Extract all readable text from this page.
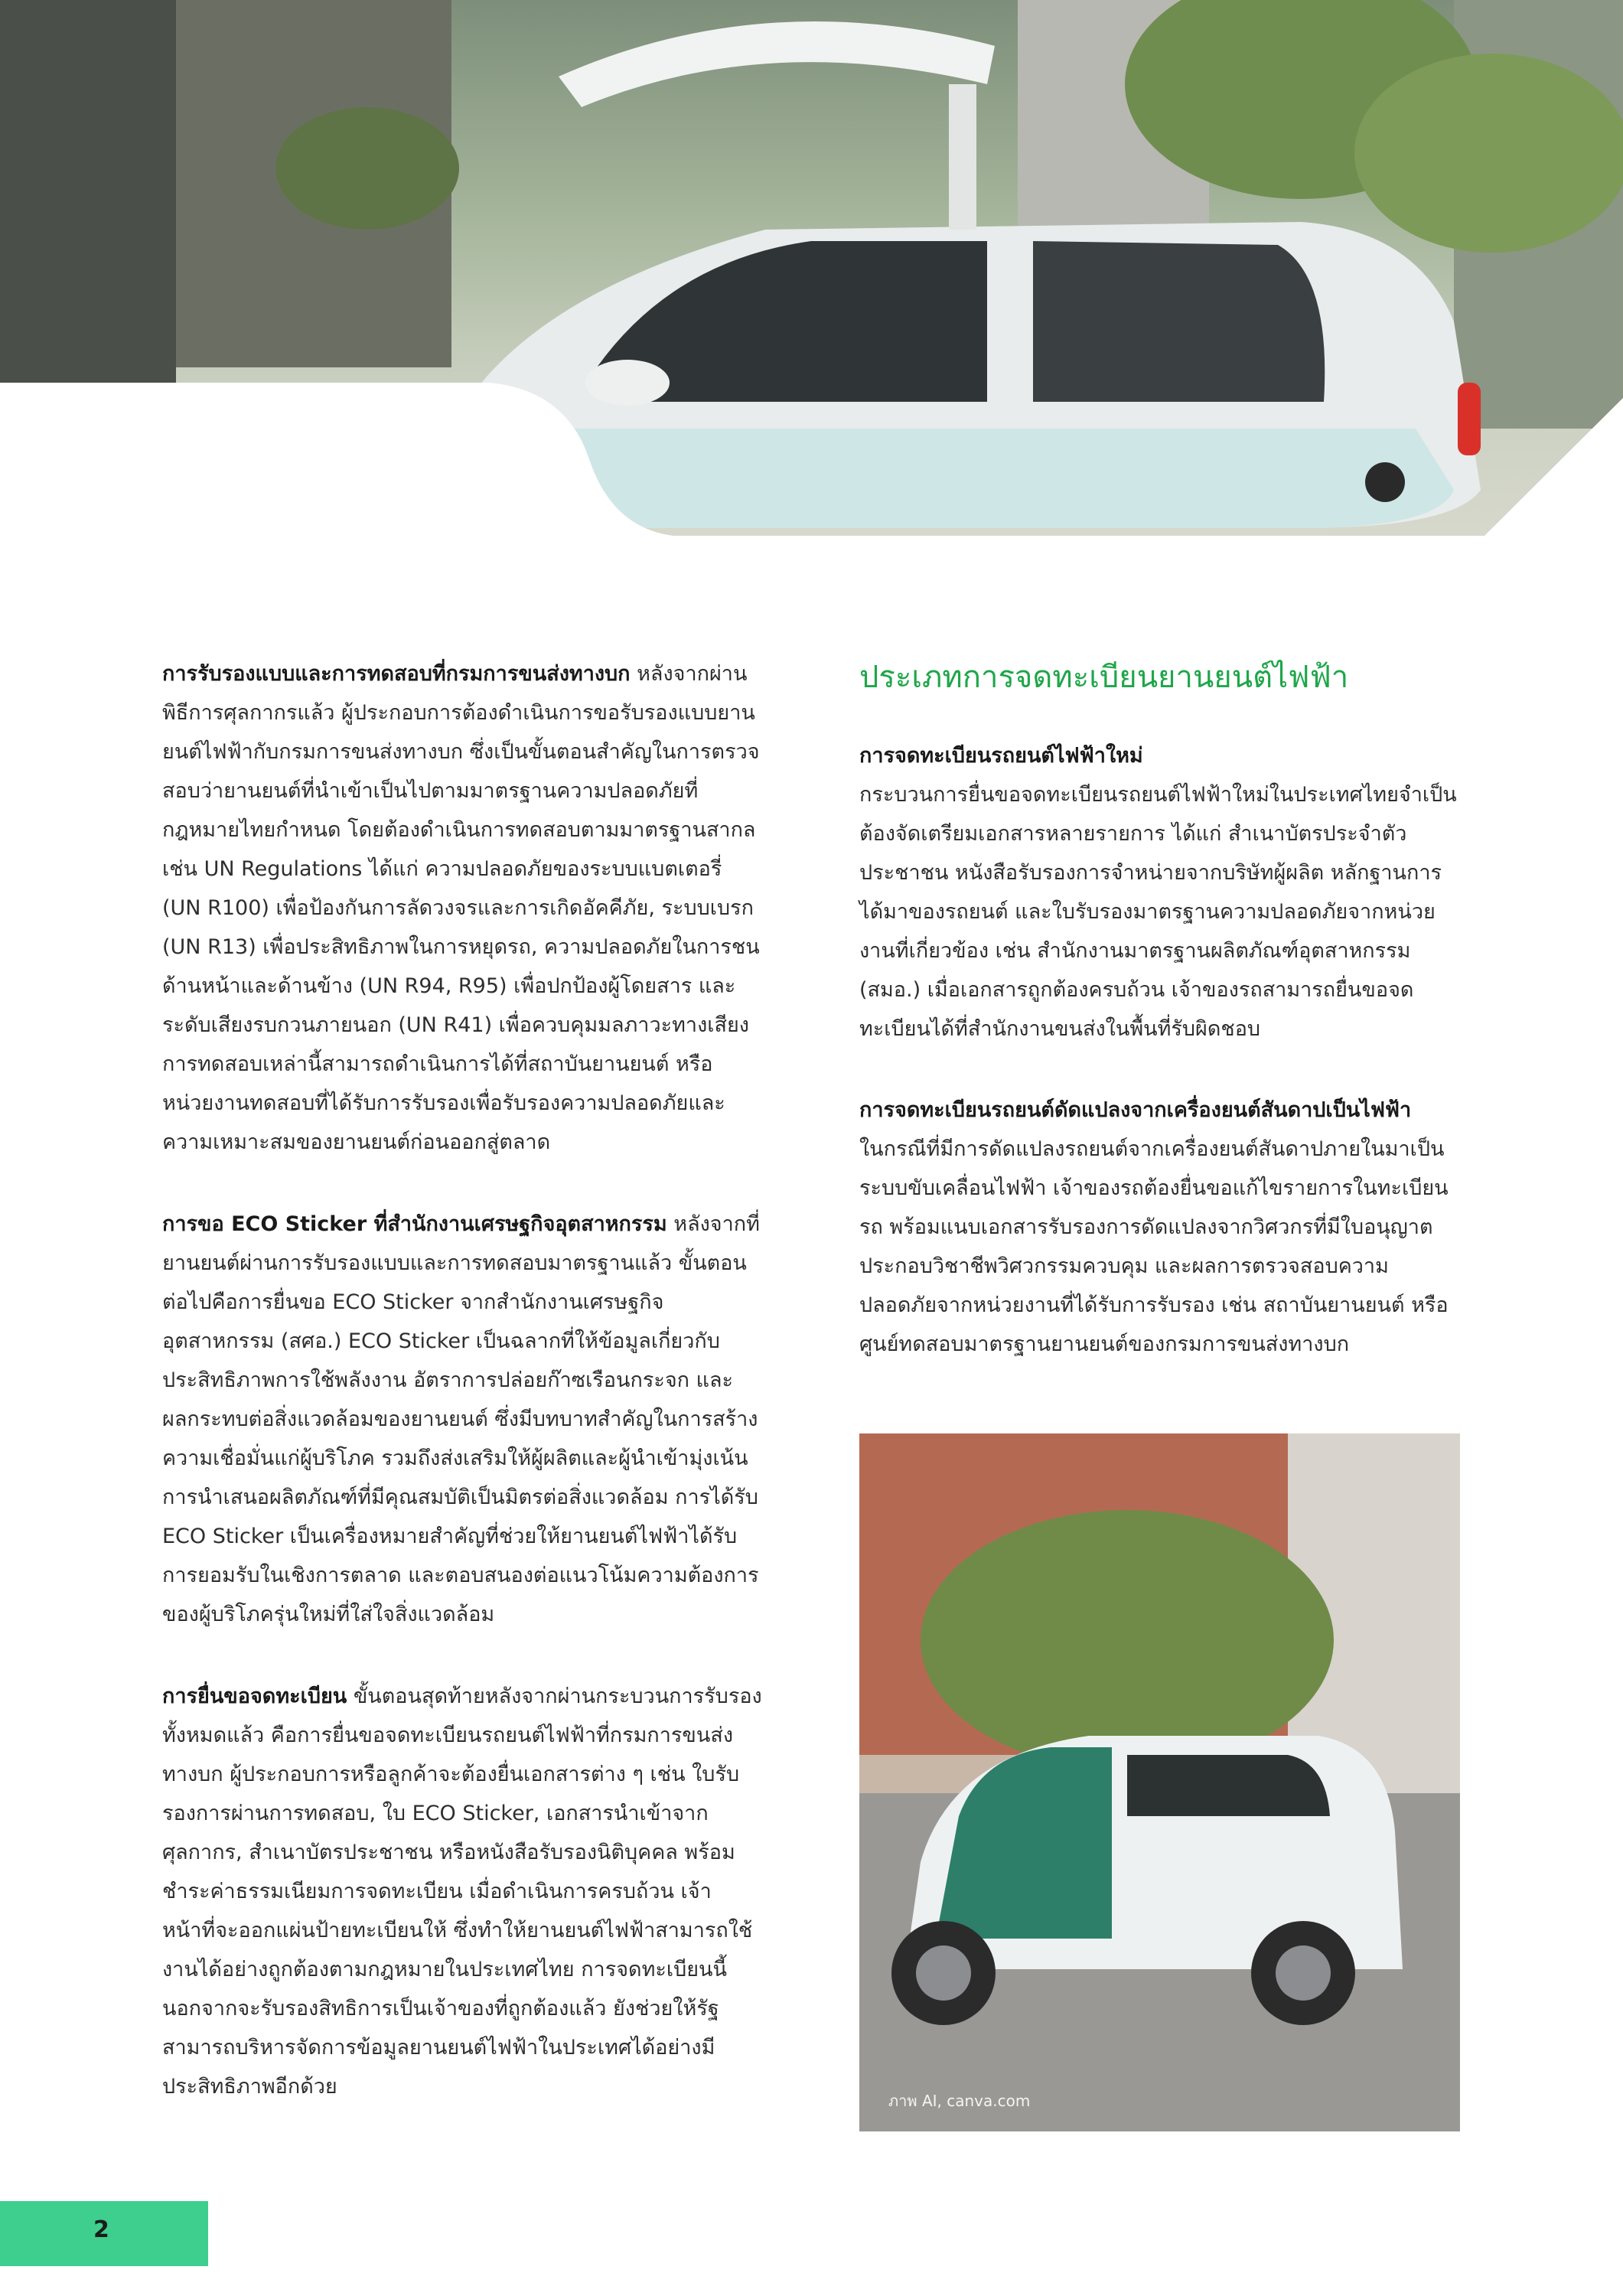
การรับรองแบบและการทดสอบที่กรมการขนส่งทางบก หลังจากผ่านพิธีการศุลกากรแล้ว ผู้ประกอบการต้องดำเนินการขอรับรองแบบยานยนต์ไฟฟ้ากับกรมการขนส่งทางบก ซึ่งเป็นขั้นตอนสำคัญในการตรวจสอบว่ายานยนต์ที่นำเข้าเป็นไปตามมาตรฐานความปลอดภัยที่กฎหมายไทยกำหนด โดยต้องดำเนินการทดสอบตามมาตรฐานสากล เช่น UN Regulations ได้แก่ ความปลอดภัยของระบบแบตเตอรี่ (UN R100) เพื่อป้องกันการลัดวงจรและการเกิดอัคคีภัย, ระบบเบรก (UN R13) เพื่อประสิทธิภาพในการหยุดรถ, ความปลอดภัยในการชนด้านหน้าและด้านข้าง (UN R94, R95) เพื่อปกป้องผู้โดยสาร และระดับเสียงรบกวนภายนอก (UN R41) เพื่อควบคุมมลภาวะทางเสียง การทดสอบเหล่านี้สามารถดำเนินการได้ที่สถาบันยานยนต์ หรือหน่วยงานทดสอบที่ได้รับการรับรองเพื่อรับรองความปลอดภัยและความเหมาะสมของยานยนต์ก่อนออกสู่ตลาด

การขอ ECO Sticker ที่สำนักงานเศรษฐกิจอุตสาหกรรม หลังจากที่ยานยนต์ผ่านการรับรองแบบและการทดสอบมาตรฐานแล้ว ขั้นตอนต่อไปคือการยื่นขอ ECO Sticker จากสำนักงานเศรษฐกิจอุตสาหกรรม (สศอ.) ECO Sticker เป็นฉลากที่ให้ข้อมูลเกี่ยวกับประสิทธิภาพการใช้พลังงาน อัตราการปล่อยก๊าซเรือนกระจก และผลกระทบต่อสิ่งแวดล้อมของยานยนต์ ซึ่งมีบทบาทสำคัญในการสร้างความเชื่อมั่นแก่ผู้บริโภค รวมถึงส่งเสริมให้ผู้ผลิตและผู้นำเข้ามุ่งเน้นการนำเสนอผลิตภัณฑ์ที่มีคุณสมบัติเป็นมิตรต่อสิ่งแวดล้อม การได้รับ ECO Sticker เป็นเครื่องหมายสำคัญที่ช่วยให้ยานยนต์ไฟฟ้าได้รับการยอมรับในเชิงการตลาด และตอบสนองต่อแนวโน้มความต้องการของผู้บริโภครุ่นใหม่ที่ใส่ใจสิ่งแวดล้อม

การยื่นขอจดทะเบียน ขั้นตอนสุดท้ายหลังจากผ่านกระบวนการรับรองทั้งหมดแล้ว คือการยื่นขอจดทะเบียนรถยนต์ไฟฟ้าที่กรมการขนส่งทางบก ผู้ประกอบการหรือลูกค้าจะต้องยื่นเอกสารต่าง ๆ เช่น ใบรับรองการผ่านการทดสอบ, ใบ ECO Sticker, เอกสารนำเข้าจากศุลกากร, สำเนาบัตรประชาชน หรือหนังสือรับรองนิติบุคคล พร้อมชำระค่าธรรมเนียมการจดทะเบียน เมื่อดำเนินการครบถ้วน เจ้าหน้าที่จะออกแผ่นป้ายทะเบียนให้ ซึ่งทำให้ยานยนต์ไฟฟ้าสามารถใช้งานได้อย่างถูกต้องตามกฎหมายในประเทศไทย การจดทะเบียนนี้นอกจากจะรับรองสิทธิการเป็นเจ้าของที่ถูกต้องแล้ว ยังช่วยให้รัฐสามารถบริหารจัดการข้อมูลยานยนต์ไฟฟ้าในประเทศได้อย่างมีประสิทธิภาพอีกด้วย

ประเภทการจดทะเบียนยานยนต์ไฟฟ้า
การจดทะเบียนรถยนต์ไฟฟ้าใหม่

กระบวนการยื่นขอจดทะเบียนรถยนต์ไฟฟ้าใหม่ในประเทศไทยจำเป็นต้องจัดเตรียมเอกสารหลายรายการ ได้แก่ สำเนาบัตรประจำตัวประชาชน หนังสือรับรองการจำหน่ายจากบริษัทผู้ผลิต หลักฐานการได้มาของรถยนต์ และใบรับรองมาตรฐานความปลอดภัยจากหน่วยงานที่เกี่ยวข้อง เช่น สำนักงานมาตรฐานผลิตภัณฑ์อุตสาหกรรม (สมอ.) เมื่อเอกสารถูกต้องครบถ้วน เจ้าของรถสามารถยื่นขอจดทะเบียนได้ที่สำนักงานขนส่งในพื้นที่รับผิดชอบ

การจดทะเบียนรถยนต์ดัดแปลงจากเครื่องยนต์สันดาปเป็นไฟฟ้า

ในกรณีที่มีการดัดแปลงรถยนต์จากเครื่องยนต์สันดาปภายในมาเป็นระบบขับเคลื่อนไฟฟ้า เจ้าของรถต้องยื่นขอแก้ไขรายการในทะเบียนรถ พร้อมแนบเอกสารรับรองการดัดแปลงจากวิศวกรที่มีใบอนุญาตประกอบวิชาชีพวิศวกรรมควบคุม และผลการตรวจสอบความปลอดภัยจากหน่วยงานที่ได้รับการรับรอง เช่น สถาบันยานยนต์ หรือศูนย์ทดสอบมาตรฐานยานยนต์ของกรมการขนส่งทางบก

ภาพ AI, canva.com
2
